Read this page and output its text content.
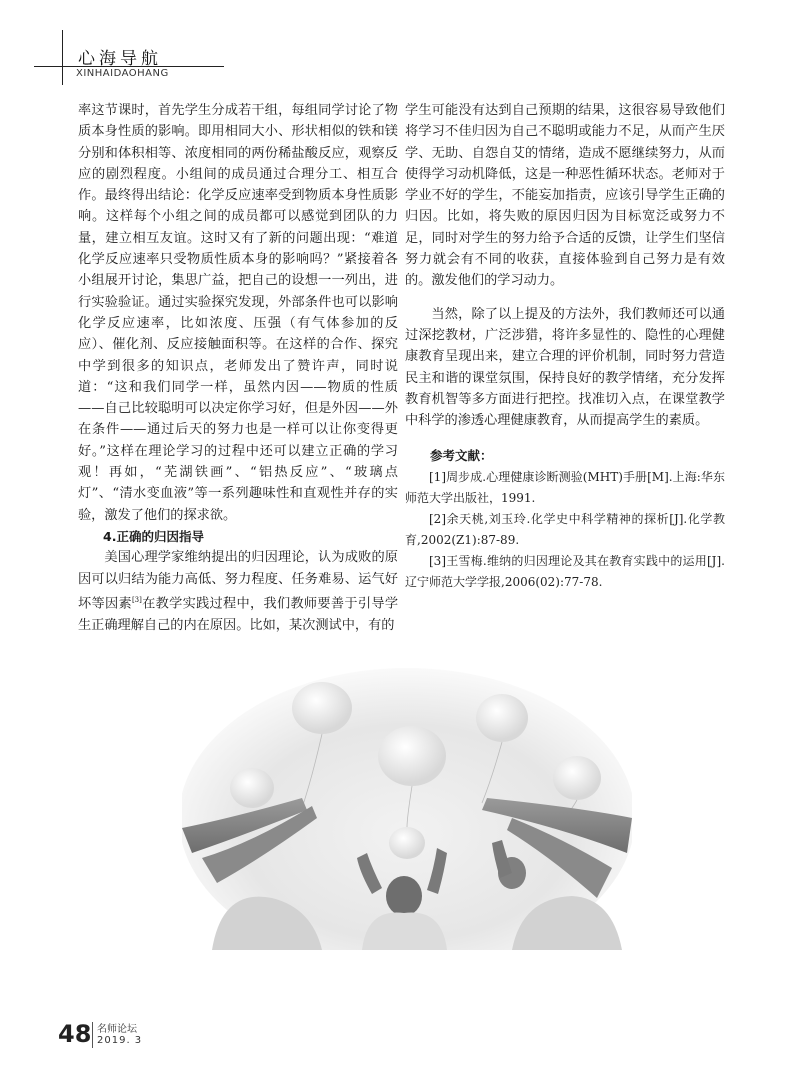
心海导航
XINHAIDAOHANG

率这节课时，首先学生分成若干组，每组同学讨论了物质本身性质的影响。即用相同大小、形状相似的铁和镁分别和体积相等、浓度相同的两份稀盐酸反应，观察反应的剧烈程度。小组间的成员通过合理分工、相互合作。最终得出结论：化学反应速率受到物质本身性质影响。这样每个小组之间的成员都可以感觉到团队的力量，建立相互友谊。这时又有了新的问题出现：“难道化学反应速率只受物质性质本身的影响吗？”紧接着各小组展开讨论，集思广益，把自己的设想一一列出，进行实验验证。通过实验探究发现，外部条件也可以影响化学反应速率，比如浓度、压强（有气体参加的反应）、催化剂、反应接触面积等。在这样的合作、探究中学到很多的知识点，老师发出了赞许声，同时说道：“这和我们同学一样，虽然内因——物质的性质——自己比较聪明可以决定你学习好，但是外因——外在条件——通过后天的努力也是一样可以让你变得更好。”这样在理论学习的过程中还可以建立正确的学习观！再如，“芜湖铁画”、“铝热反应”、“玻璃点灯”、“清水变血液”等一系列趣味性和直观性并存的实验，激发了他们的探求欲。

4.正确的归因指导

美国心理学家维纳提出的归因理论，认为成败的原因可以归结为能力高低、努力程度、任务难易、运气好坏等因素[3]在教学实践过程中，我们教师要善于引导学生正确理解自己的内在原因。比如，某次测试中，有的

学生可能没有达到自己预期的结果，这很容易导致他们将学习不佳归因为自己不聪明或能力不足，从而产生厌学、无助、自怨自艾的情绪，造成不愿继续努力，从而使得学习动机降低，这是一种恶性循环状态。老师对于学业不好的学生，不能妄加指责，应该引导学生正确的归因。比如，将失败的原因归因为目标宽泛或努力不足，同时对学生的努力给予合适的反馈，让学生们坚信努力就会有不同的收获，直接体验到自己努力是有效的。激发他们的学习动力。

当然，除了以上提及的方法外，我们教师还可以通过深挖教材，广泛涉猎，将许多显性的、隐性的心理健康教育呈现出来，建立合理的评价机制，同时努力营造民主和谐的课堂氛围，保持良好的教学情绪，充分发挥教育机智等多方面进行把控。找准切入点，在课堂教学中科学的渗透心理健康教育，从而提高学生的素质。

参考文献：
[1]周步成.心理健康诊断测验(MHT)手册[M].上海:华东师范大学出版社，1991.
[2]余天桃,刘玉玲.化学史中科学精神的探析[J].化学教育,2002(Z1):87-89.
[3]王雪梅.维纳的归因理论及其在教育实践中的运用[J].辽宁师范大学学报,2006(02):77-78.
48 名师论坛
2019. 3
